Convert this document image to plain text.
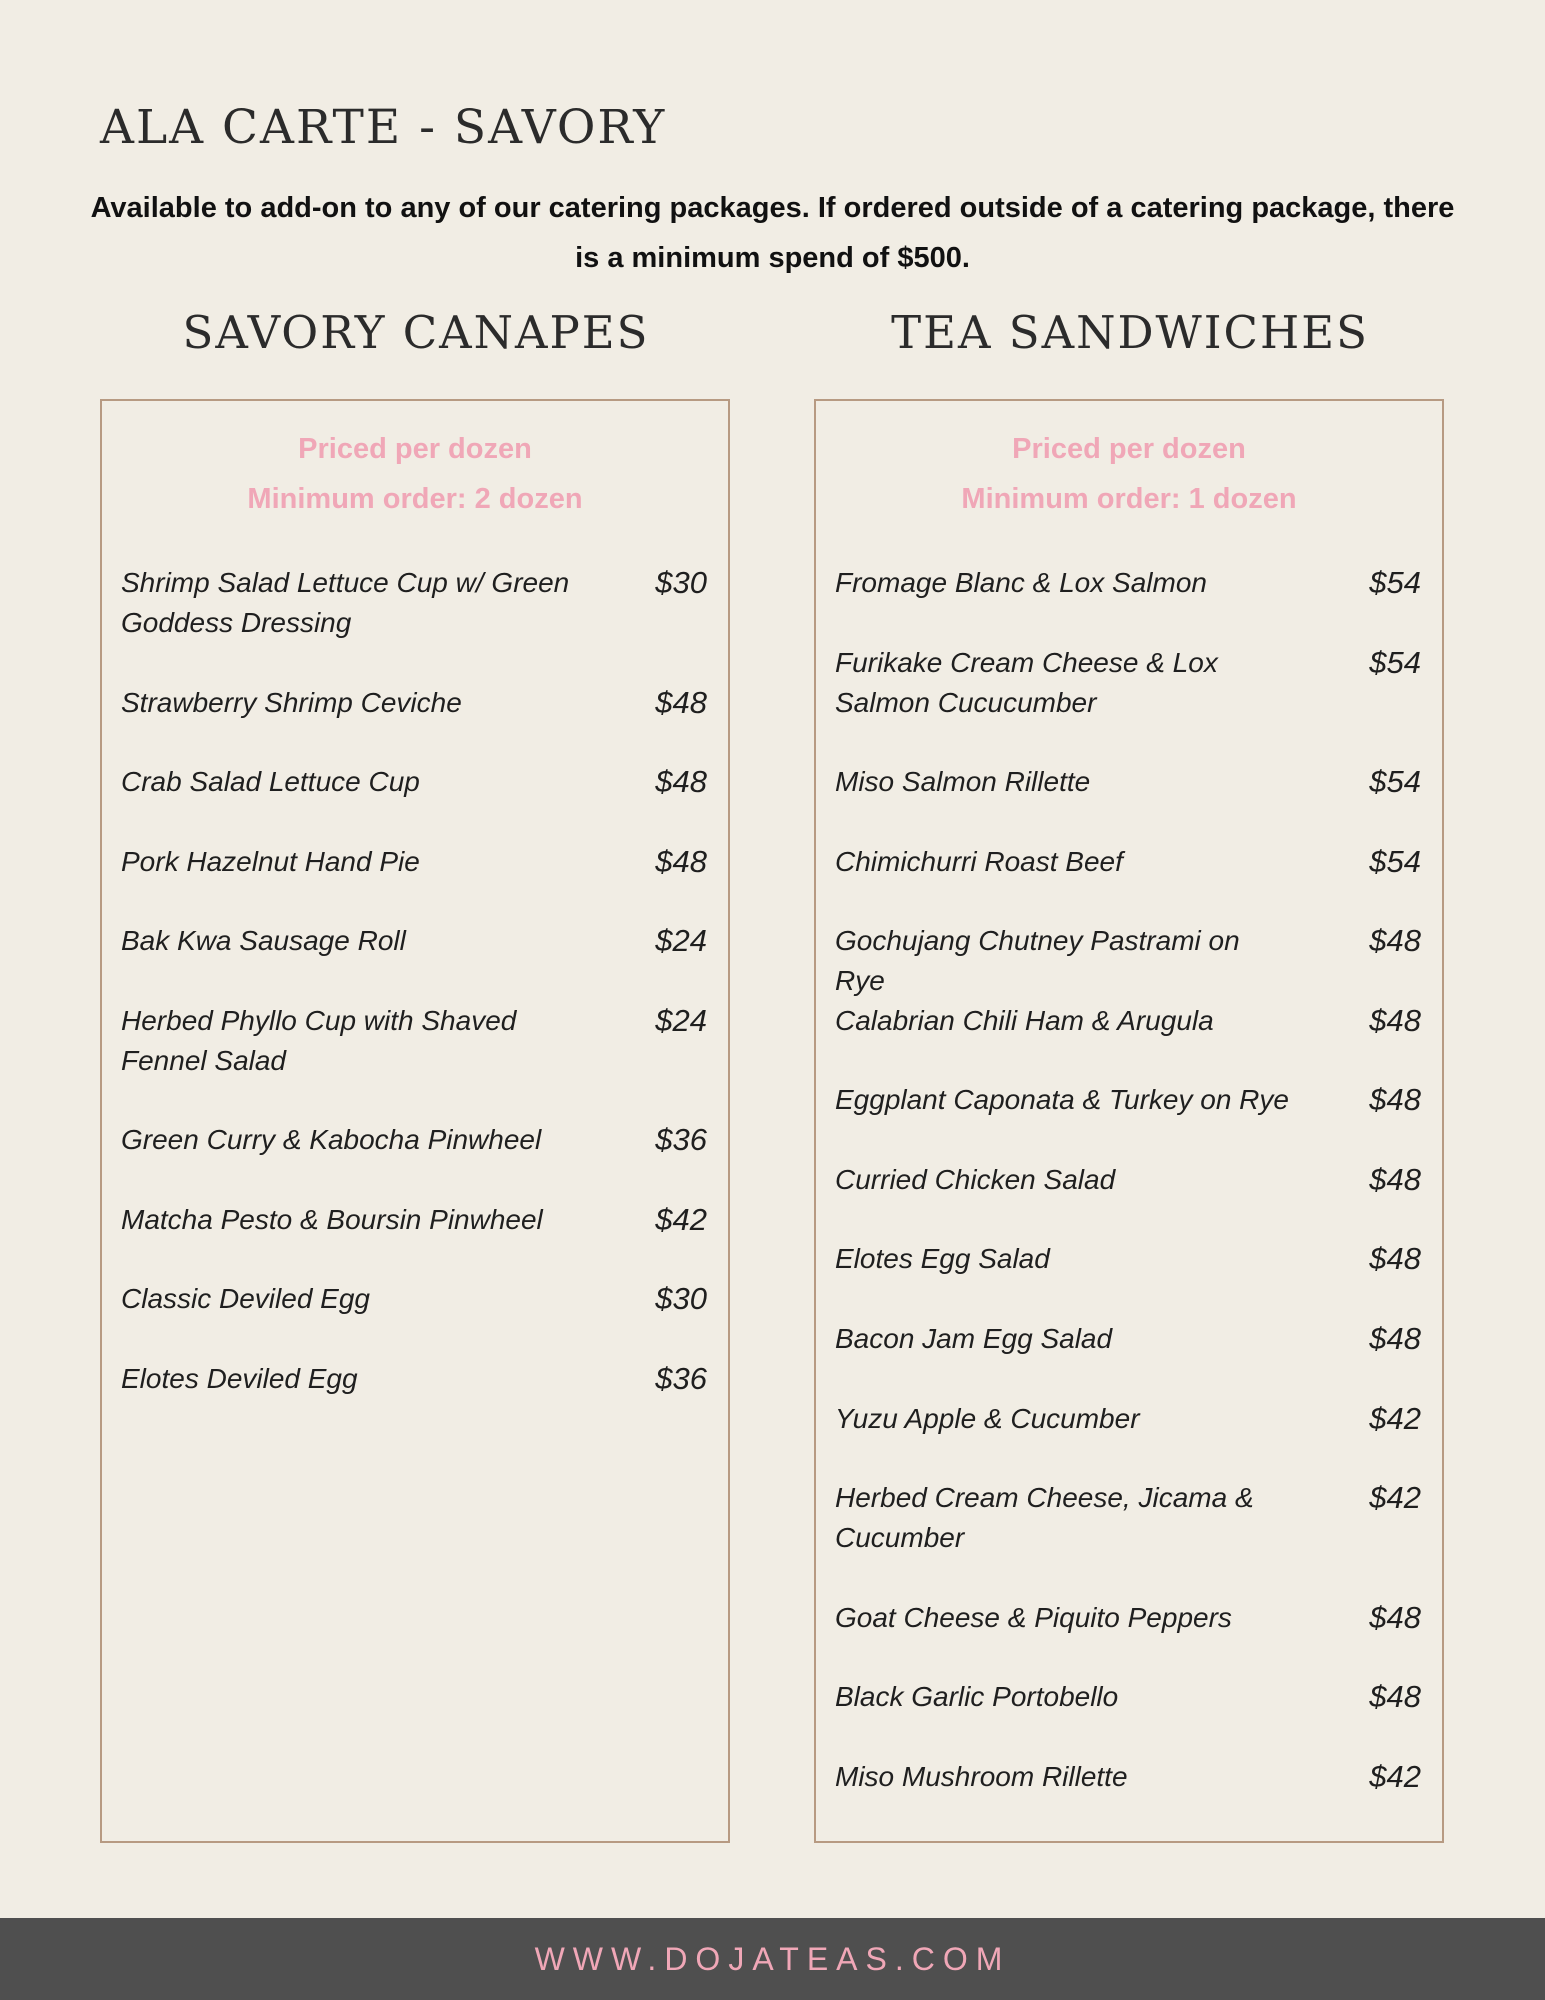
ALA CARTE - SAVORY
Available to add-on to any of our catering packages. If ordered outside of a catering package, there
is a minimum spend of $500.
SAVORY CANAPES	TEA SANDWICHES
Priced per dozen
Minimum order: 2 dozen
Shrimp Salad Lettuce Cup w/ Green Goddess Dressing
$30
Strawberry Shrimp Ceviche	$48
Crab Salad Lettuce Cup	$48
Pork Hazelnut Hand Pie	$48
Bak Kwa Sausage Roll	$24
Herbed Phyllo Cup with Shaved Fennel Salad
$24
Green Curry & Kabocha Pinwheel	$36
Matcha Pesto & Boursin Pinwheel	$42
Classic Deviled Egg	$30
Elotes Deviled Egg	$36
Priced per dozen
Minimum order: 1 dozen
Fromage Blanc & Lox Salmon	$54
Furikake Cream Cheese & Lox Salmon Cucucumber
$54
Miso Salmon Rillette	$54
Chimichurri Roast Beef	$54
Gochujang Chutney Pastrami on Rye
$48
Calabrian Chili Ham & Arugula	$48
Eggplant Caponata & Turkey on Rye	$48
Curried Chicken Salad	$48
Elotes Egg Salad	$48
Bacon Jam Egg Salad	$48
Yuzu Apple & Cucumber	$42
Herbed Cream Cheese, Jicama & Cucumber
$42
Goat Cheese & Piquito Peppers	$48
Black Garlic Portobello	$48
Miso Mushroom Rillette	$42
WWW.DOJATEAS.COM
